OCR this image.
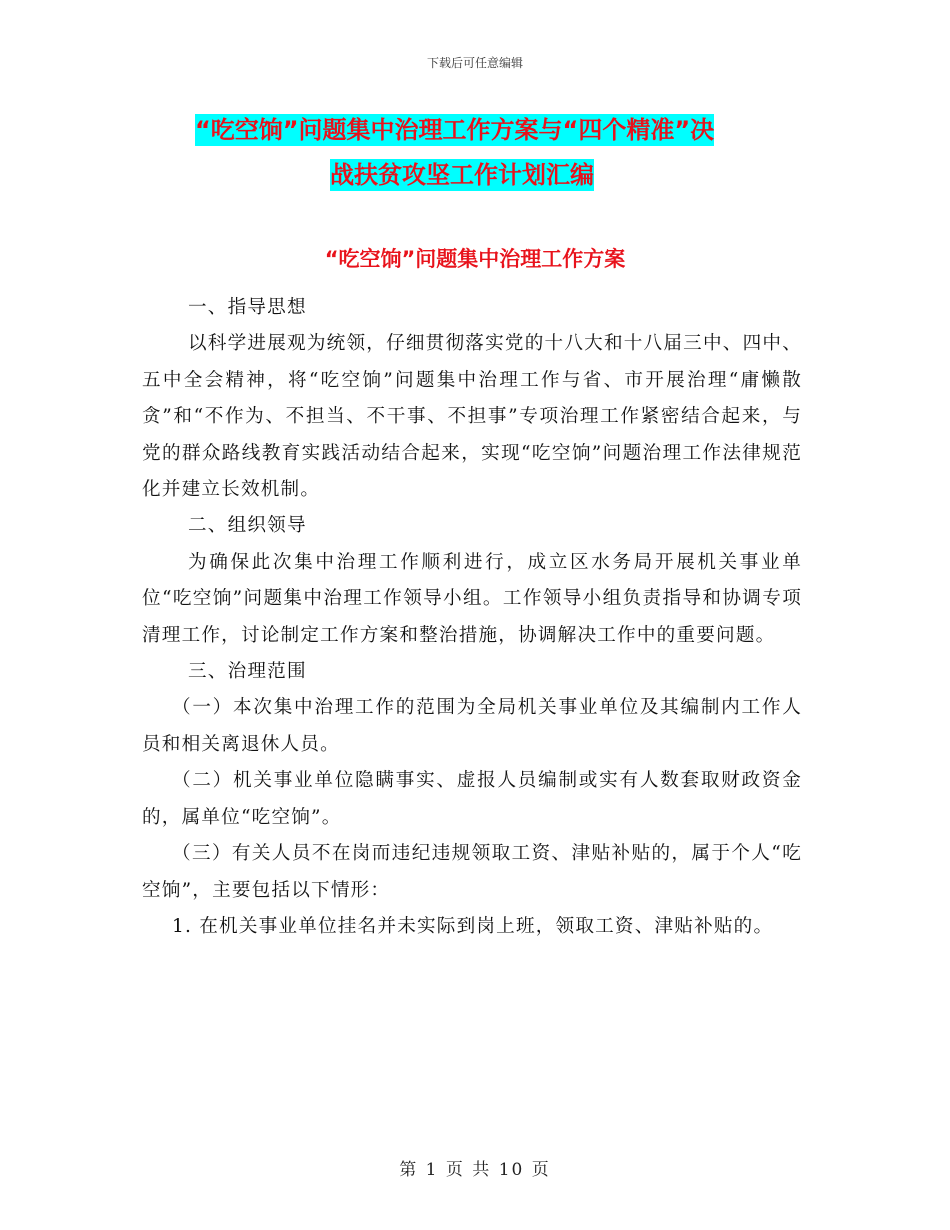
下载后可任意编辑
“吃空饷”问题集中治理工作方案与“四个精准”决
战扶贫攻坚工作计划汇编
“吃空饷”问题集中治理工作方案

一、指导思想

以科学进展观为统领，仔细贯彻落实党的十八大和十八届三中、四中、五中全会精神，将“吃空饷”问题集中治理工作与省、市开展治理“庸懒散贪”和“不作为、不担当、不干事、不担事”专项治理工作紧密结合起来，与党的群众路线教育实践活动结合起来，实现“吃空饷”问题治理工作法律规范化并建立长效机制。

二、组织领导

为确保此次集中治理工作顺利进行，成立区水务局开展机关事业单位“吃空饷”问题集中治理工作领导小组。工作领导小组负责指导和协调专项清理工作，讨论制定工作方案和整治措施，协调解决工作中的重要问题。

三、治理范围

（一）本次集中治理工作的范围为全局机关事业单位及其编制内工作人员和相关离退休人员。

（二）机关事业单位隐瞒事实、虚报人员编制或实有人数套取财政资金的，属单位“吃空饷”。

（三）有关人员不在岗而违纪违规领取工资、津贴补贴的，属于个人“吃空饷”，主要包括以下情形：

1. 在机关事业单位挂名并未实际到岗上班，领取工资、津贴补贴的。

第 1 页 共 10 页
